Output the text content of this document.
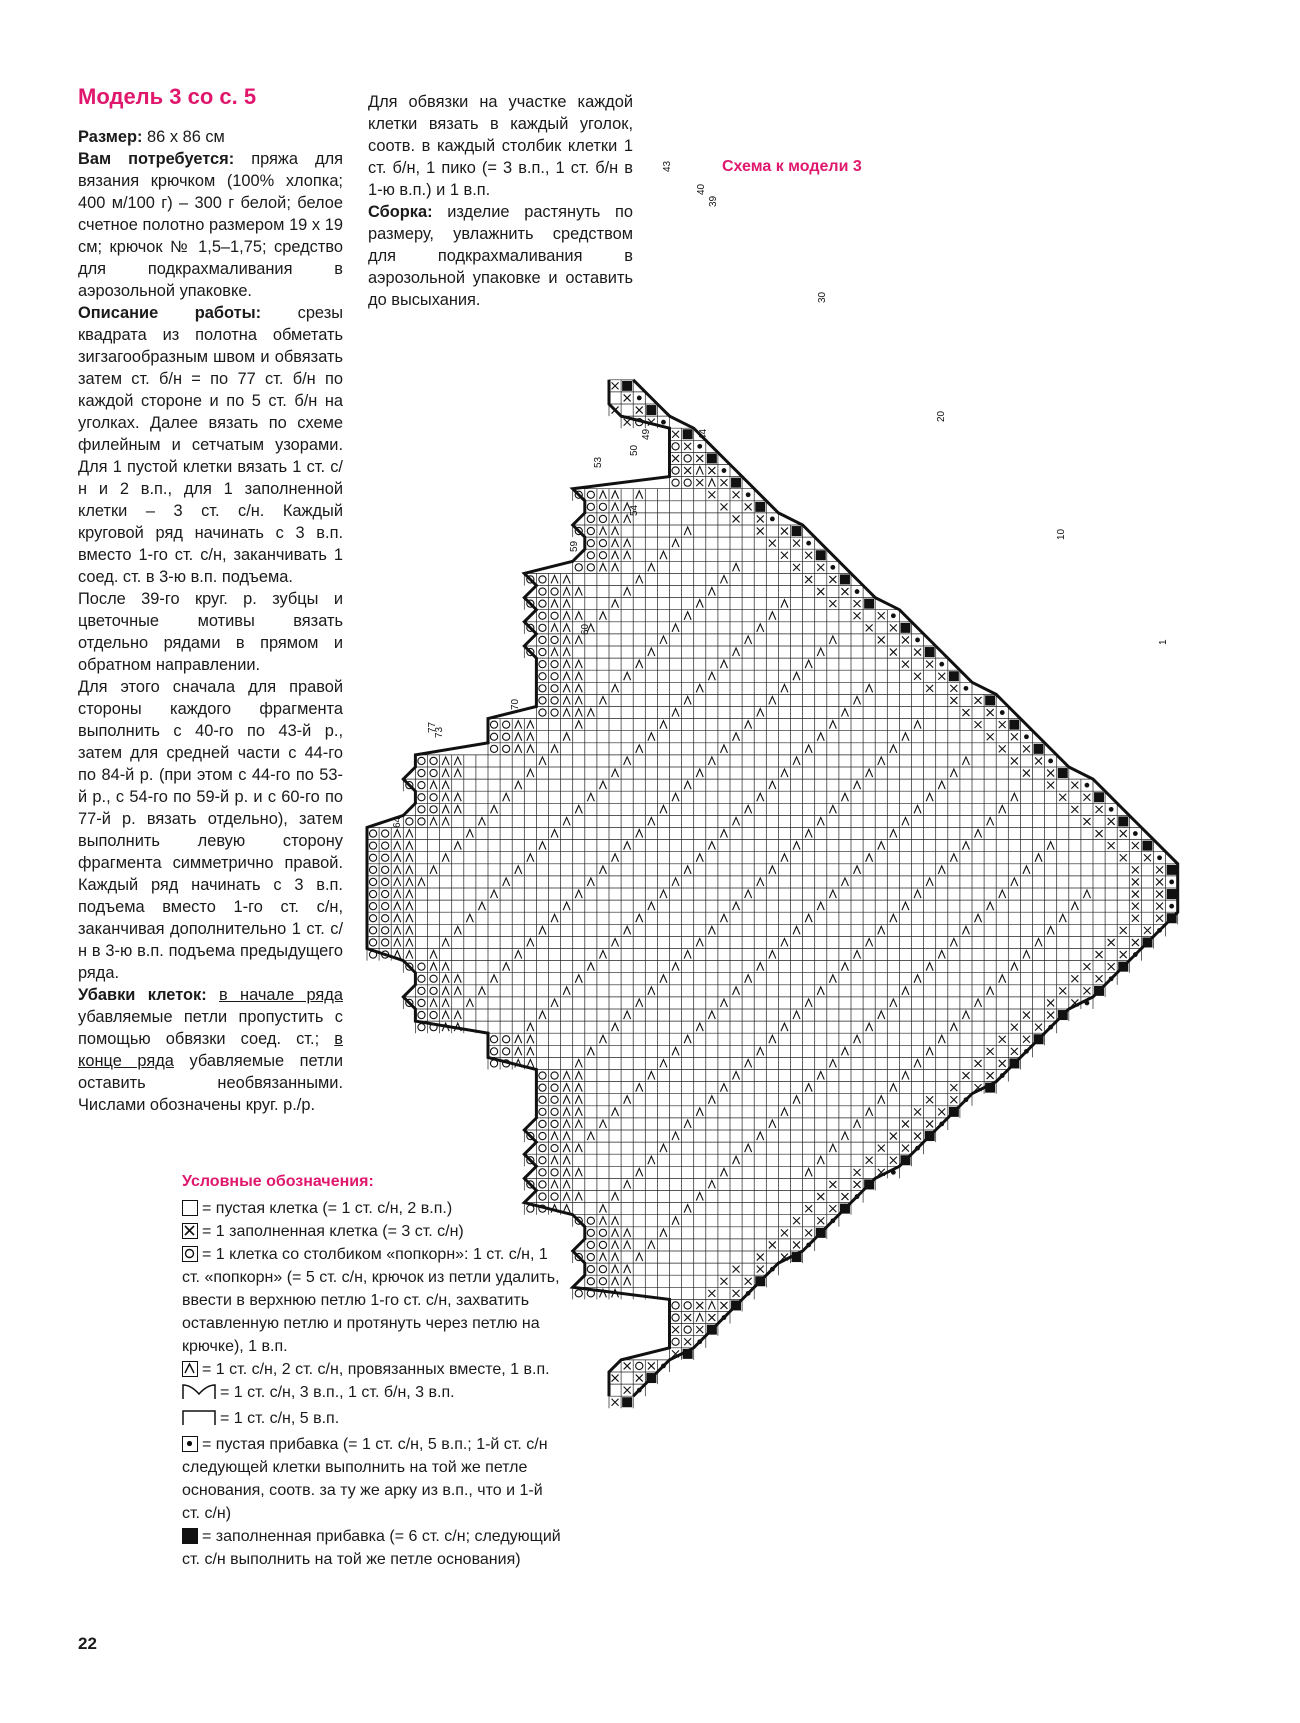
Модель 3 со с. 5

Размер: 86 х 86 см

Вам потребуется: пряжа для вязания крючком (100% хлопка; 400 м/100 г) – 300 г белой; белое счетное полотно размером 19 х 19 см; крючок № 1,5–1,75; средство для подкрахмаливания в аэрозольной упаковке.

Описание работы: срезы квадрата из полотна обметать зигзагообразным швом и обвязать затем ст. б/н = по 77 ст. б/н по каждой стороне и по 5 ст. б/н на уголках. Далее вязать по схеме филейным и сетчатым узорами. Для 1 пустой клетки вязать 1 ст. с/н и 2 в.п., для 1 заполненной клетки – 3 ст. с/н. Каждый круговой ряд начинать с 3 в.п. вместо 1-го ст. с/н, заканчивать 1 соед. ст. в 3-ю в.п. подъема.

После 39-го круг. р. зубцы и цветочные мотивы вязать отдельно рядами в прямом и обратном направлении.

Для этого сначала для правой стороны каждого фрагмента выполнить с 40-го по 43-й р., затем для средней части с 44-го по 84-й р. (при этом с 44-го по 53-й р., с 54-го по 59-й р. и с 60-го по 77-й р. вязать отдельно), затем выполнить левую сторону фрагмента симметрично правой. Каждый ряд начинать с 3 в.п. подъема вместо 1-го ст. с/н, заканчивая дополнительно 1 ст. с/н в 3-ю в.п. подъема предыдущего ряда.

Убавки клеток: в начале ряда убавляемые петли пропустить с помощью обвязки соед. ст.; в конце ряда убавляемые петли оставить необвязанными. Числами обозначены круг. р./р.

Для обвязки на участке каждой клетки вязать в каждый уголок, соотв. в каждый столбик клетки 1 ст. б/н, 1 пико (= 3 в.п., 1 ст. б/н в 1-ю в.п.) и 1 в.п.

Сборка: изделие растянуть по размеру, увлажнить средством для подкрахмаливания в аэрозольной упаковке и оставить до высыхания.

Схема к модели 3
43
40
39
30
20
10
1
44
49
50
53
54
59
60
70
73
77
64
Условные обозначения:

= пустая клетка (= 1 ст. с/н, 2 в.п.)

= 1 заполненная клетка (= 3 ст. с/н)

= 1 клетка со столбиком «попкорн»: 1 ст. с/н, 1 ст. «попкорн» (= 5 ст. с/н, крючок из петли удалить, ввести в верхнюю петлю 1-го ст. с/н, захватить оставленную петлю и протянуть через петлю на крючке), 1 в.п.

= 1 ст. с/н, 2 ст. с/н, провязанных вместе, 1 в.п.

= 1 ст. с/н, 3 в.п., 1 ст. б/н, 3 в.п.

= 1 ст. с/н, 5 в.п.

= пустая прибавка (= 1 ст. с/н, 5 в.п.; 1-й ст. с/н следующей клетки выполнить на той же петле основания, соотв. за ту же арку из в.п., что и 1-й ст. с/н)

= заполненная прибавка (= 6 ст. с/н; следующий ст. с/н выполнить на той же петле основания)

22
